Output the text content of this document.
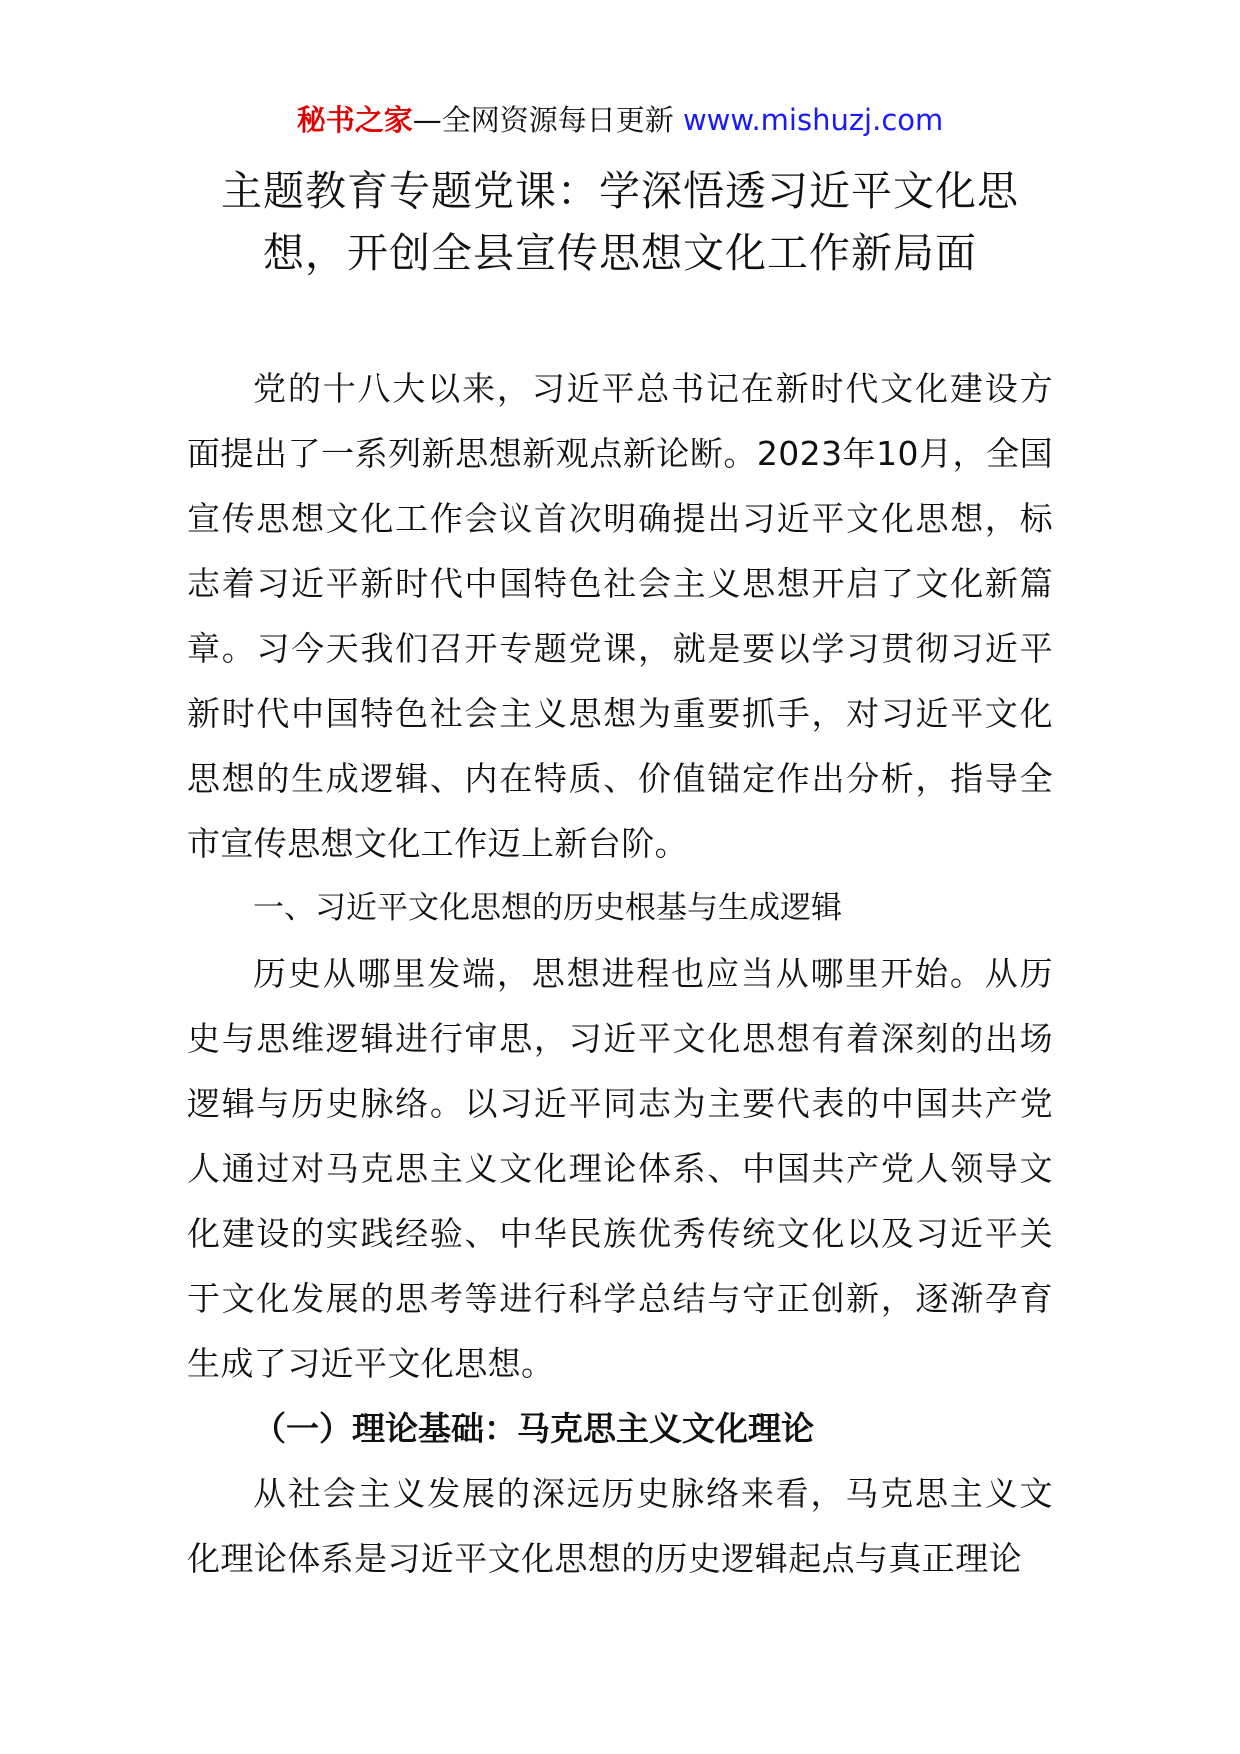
秘书之家—全网资源每日更新 www.mishuzj.com
主题教育专题党课：学深悟透习近平文化思想，开创全县宣传思想文化工作新局面

党的十八大以来，习近平总书记在新时代文化建设方面提出了一系列新思想新观点新论断。2023年10月，全国宣传思想文化工作会议首次明确提出习近平文化思想，标志着习近平新时代中国特色社会主义思想开启了文化新篇章。习今天我们召开专题党课，就是要以学习贯彻习近平新时代中国特色社会主义思想为重要抓手，对习近平文化思想的生成逻辑、内在特质、价值锚定作出分析，指导全市宣传思想文化工作迈上新台阶。

一、习近平文化思想的历史根基与生成逻辑

历史从哪里发端，思想进程也应当从哪里开始。从历史与思维逻辑进行审思，习近平文化思想有着深刻的出场逻辑与历史脉络。以习近平同志为主要代表的中国共产党人通过对马克思主义文化理论体系、中国共产党人领导文化建设的实践经验、中华民族优秀传统文化以及习近平关于文化发展的思考等进行科学总结与守正创新，逐渐孕育生成了习近平文化思想。

（一）理论基础：马克思主义文化理论

从社会主义发展的深远历史脉络来看，马克思主义文化理论体系是习近平文化思想的历史逻辑起点与真正理论
